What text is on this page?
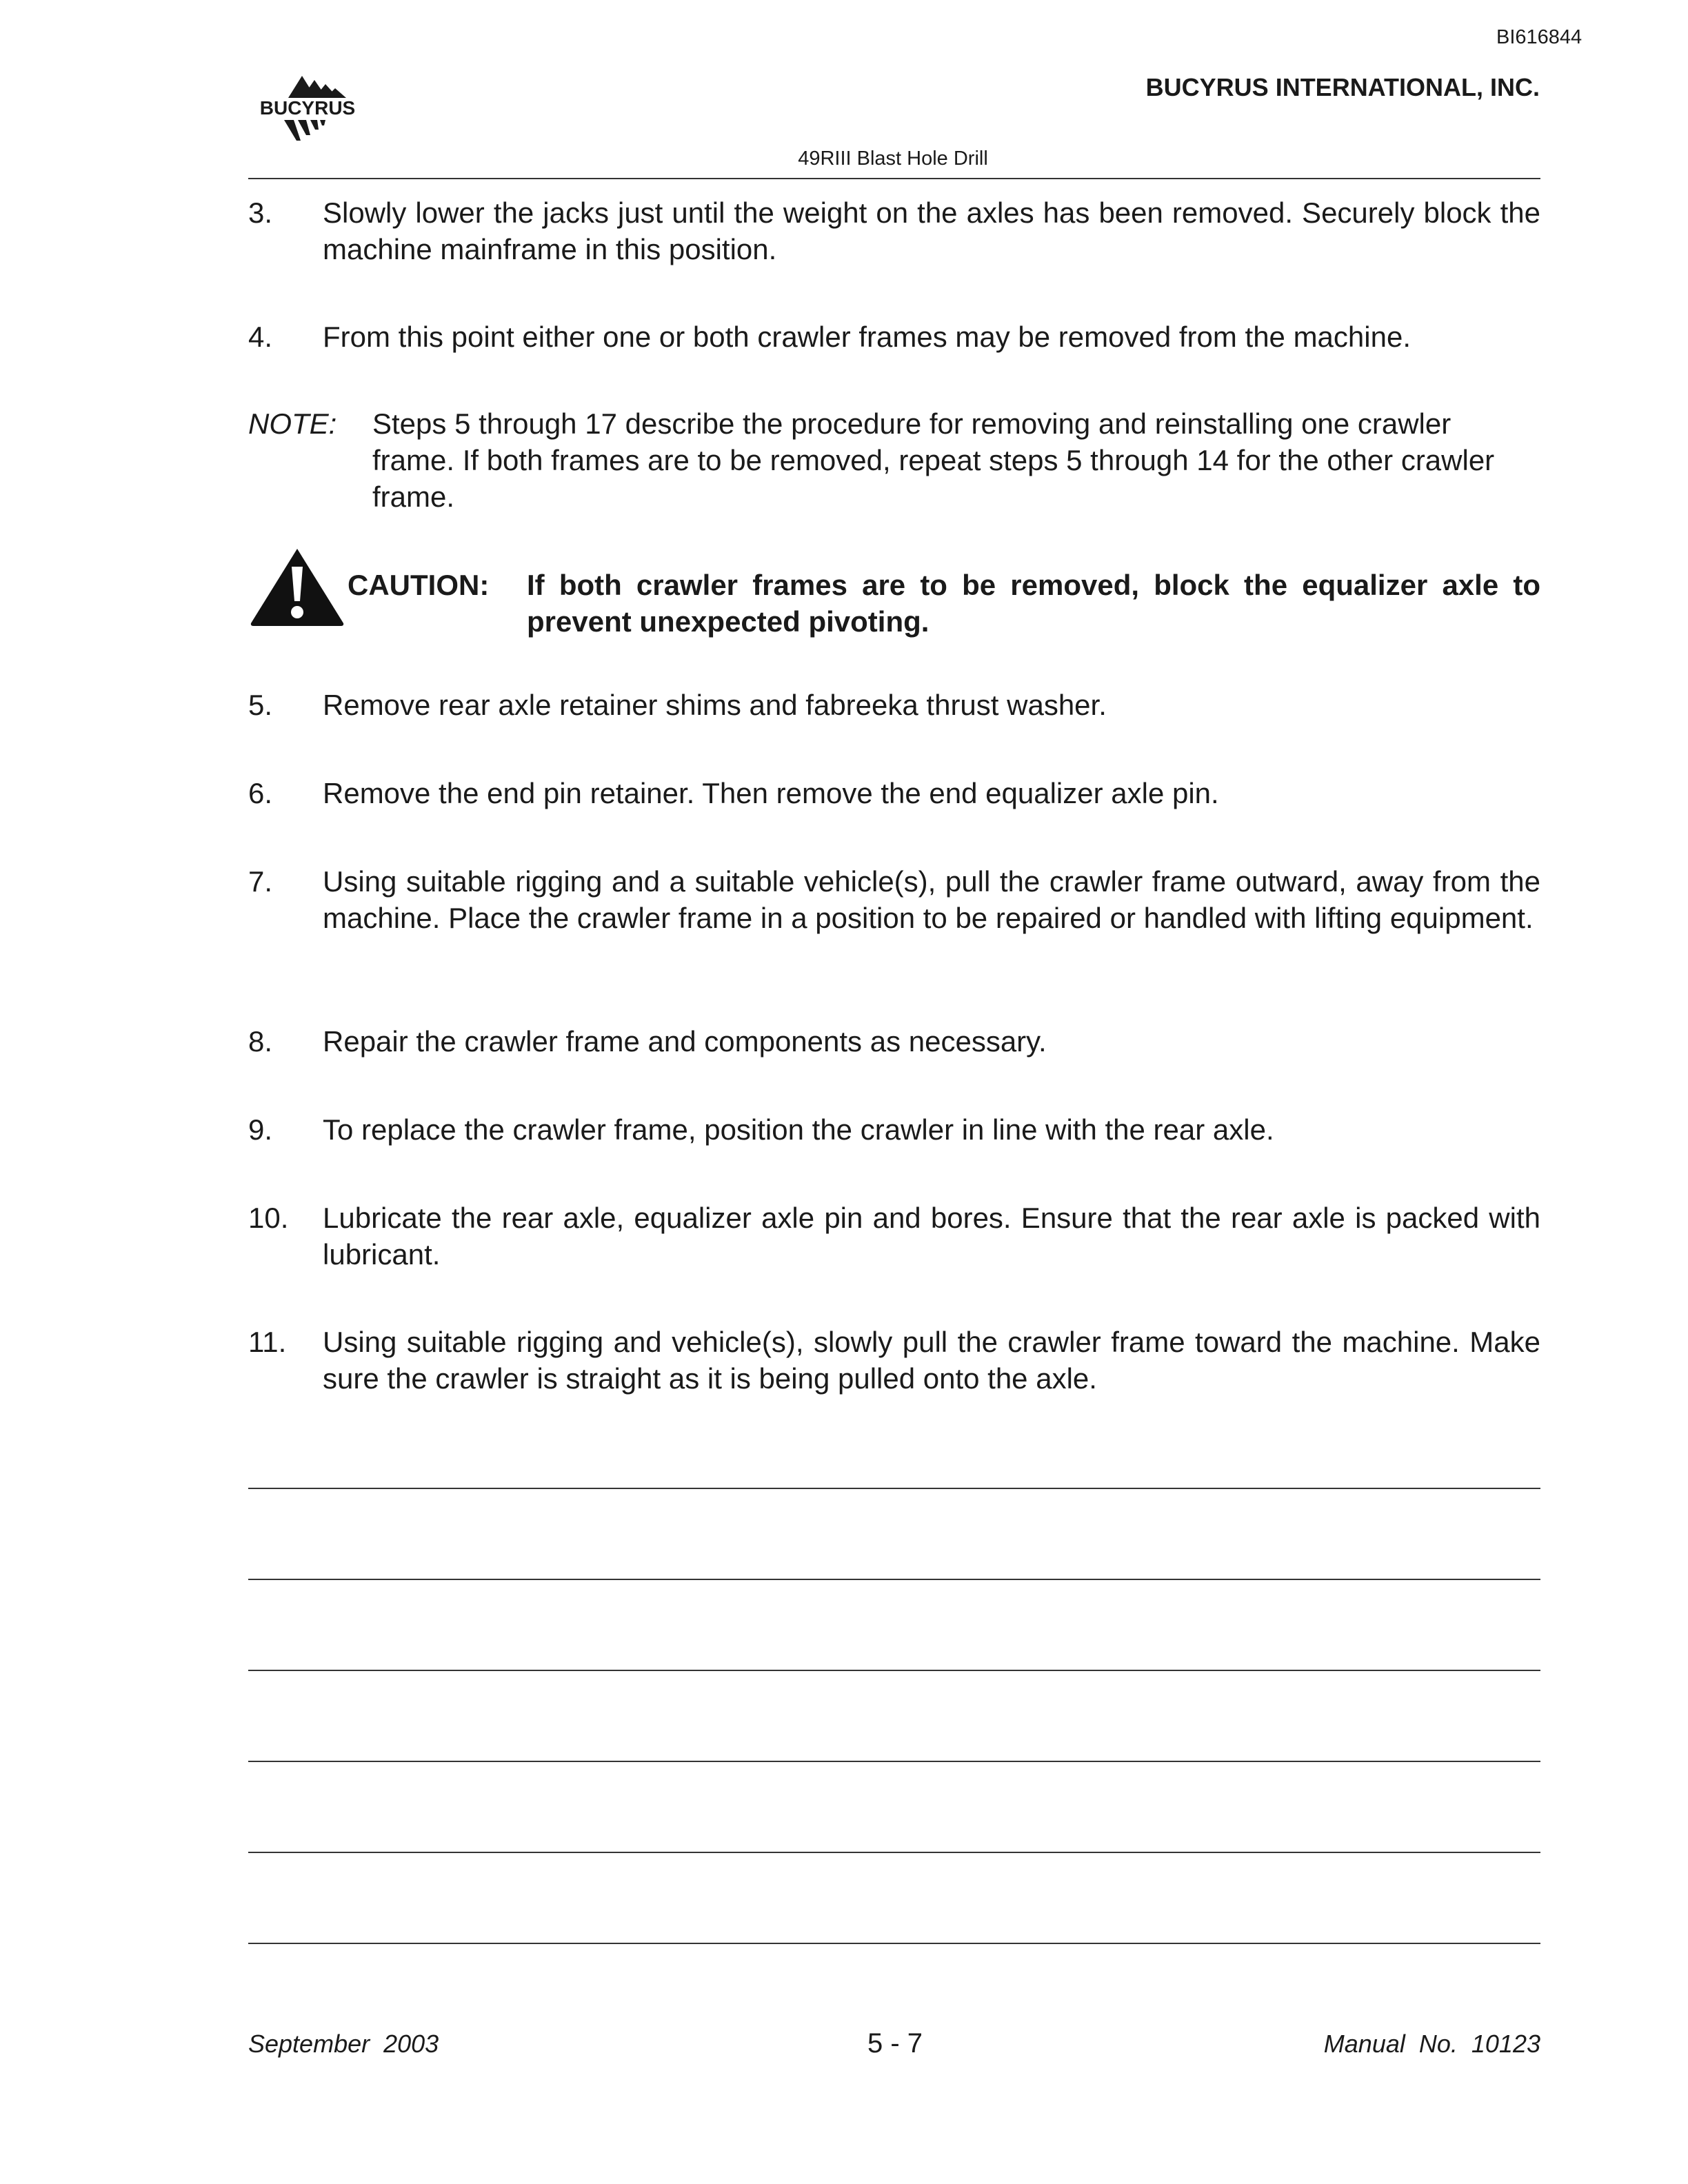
BI616844
BUCYRUS
BUCYRUS INTERNATIONAL, INC.
49RIII Blast Hole Drill
3.	Slowly lower the jacks just until the weight on the axles has been removed. Securely block the machine mainframe in this position.
4.	From this point either one or both crawler frames may be removed from the machine.
NOTE: Steps 5 through 17 describe the procedure for removing and reinstalling one crawler frame. If both frames are to be removed, repeat steps 5 through 14 for the other crawler frame.
CAUTION: If both crawler frames are to be removed, block the equalizer axle to prevent unexpected pivoting.
5.	Remove rear axle retainer shims and fabreeka thrust washer.
6.	Remove the end pin retainer. Then remove the end equalizer axle pin.
7.	Using suitable rigging and a suitable vehicle(s), pull the crawler frame outward, away from the machine. Place the crawler frame in a position to be repaired or handled with lifting equipment.
8.	Repair the crawler frame and components as necessary.
9.	To replace the crawler frame, position the crawler in line with the rear axle.
10.	Lubricate the rear axle, equalizer axle pin and bores. Ensure that the rear axle is packed with lubricant.
11.	Using suitable rigging and vehicle(s), slowly pull the crawler frame toward the machine. Make sure the crawler is straight as it is being pulled onto the axle.
September  2003	5 - 7	Manual  No.  10123
